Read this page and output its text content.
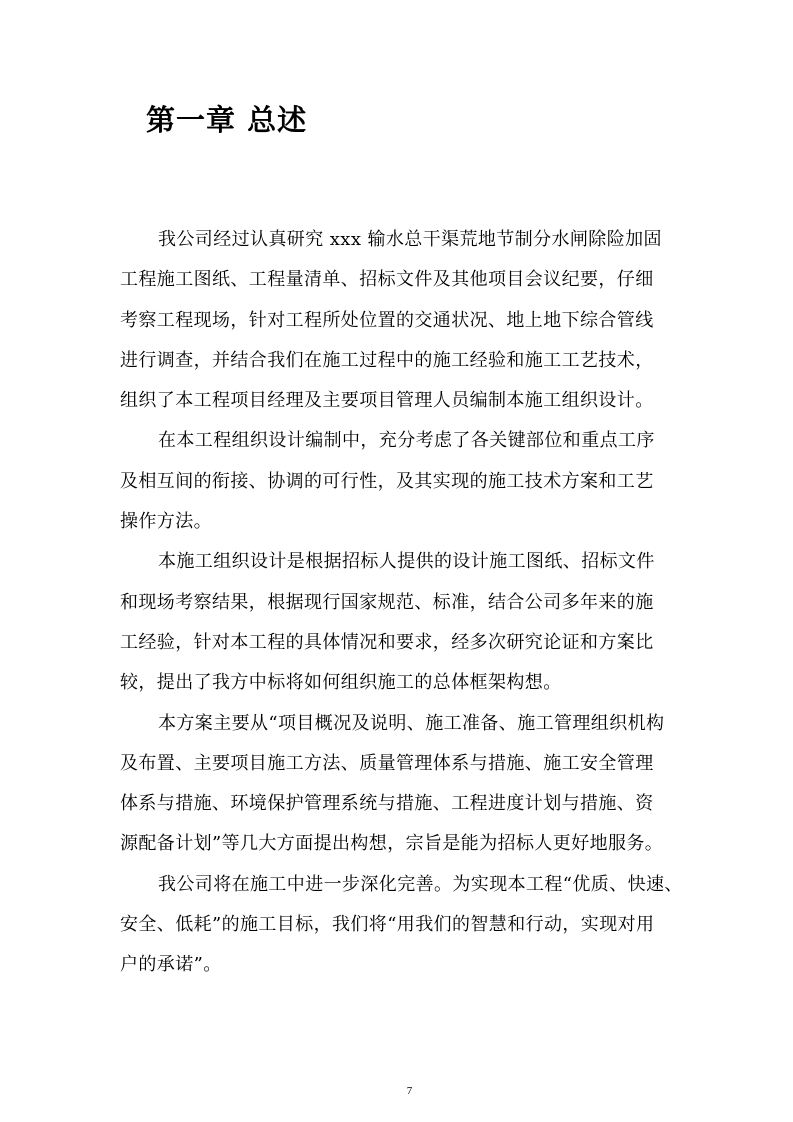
第一章 总述
我公司经过认真研究 xxx 输水总干渠荒地节制分水闸除险加固
工程施工图纸、工程量清单、招标文件及其他项目会议纪要，仔细
考察工程现场，针对工程所处位置的交通状况、地上地下综合管线
进行调查，并结合我们在施工过程中的施工经验和施工工艺技术，
组织了本工程项目经理及主要项目管理人员编制本施工组织设计。
在本工程组织设计编制中，充分考虑了各关键部位和重点工序
及相互间的衔接、协调的可行性，及其实现的施工技术方案和工艺
操作方法。
本施工组织设计是根据招标人提供的设计施工图纸、招标文件
和现场考察结果，根据现行国家规范、标准，结合公司多年来的施
工经验，针对本工程的具体情况和要求，经多次研究论证和方案比
较，提出了我方中标将如何组织施工的总体框架构想。
本方案主要从“项目概况及说明、施工准备、施工管理组织机构
及布置、主要项目施工方法、质量管理体系与措施、施工安全管理
体系与措施、环境保护管理系统与措施、工程进度计划与措施、资
源配备计划”等几大方面提出构想，宗旨是能为招标人更好地服务。
我公司将在施工中进一步深化完善。为实现本工程“优质、快速、
安全、低耗”的施工目标，我们将“用我们的智慧和行动，实现对用
户的承诺”。
7
